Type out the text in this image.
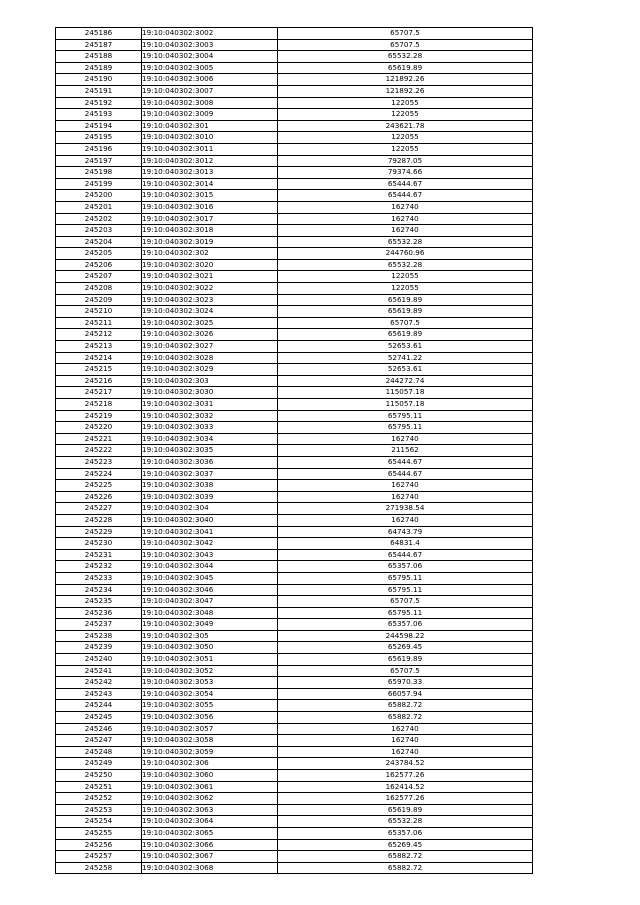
245186	19:10:040302:3002	65707.5
245187	19:10:040302:3003	65707.5
245188	19:10:040302:3004	65532.28
245189	19:10:040302:3005	65619.89
245190	19:10:040302:3006	121892.26
245191	19:10:040302:3007	121892.26
245192	19:10:040302:3008	122055
245193	19:10:040302:3009	122055
245194	19:10:040302:301	243621.78
245195	19:10:040302:3010	122055
245196	19:10:040302:3011	122055
245197	19:10:040302:3012	79287.05
245198	19:10:040302:3013	79374.66
245199	19:10:040302:3014	65444.67
245200	19:10:040302:3015	65444.67
245201	19:10:040302:3016	162740
245202	19:10:040302:3017	162740
245203	19:10:040302:3018	162740
245204	19:10:040302:3019	65532.28
245205	19:10:040302:302	244760.96
245206	19:10:040302:3020	65532.28
245207	19:10:040302:3021	122055
245208	19:10:040302:3022	122055
245209	19:10:040302:3023	65619.89
245210	19:10:040302:3024	65619.89
245211	19:10:040302:3025	65707.5
245212	19:10:040302:3026	65619.89
245213	19:10:040302:3027	52653.61
245214	19:10:040302:3028	52741.22
245215	19:10:040302:3029	52653.61
245216	19:10:040302:303	244272.74
245217	19:10:040302:3030	115057.18
245218	19:10:040302:3031	115057.18
245219	19:10:040302:3032	65795.11
245220	19:10:040302:3033	65795.11
245221	19:10:040302:3034	162740
245222	19:10:040302:3035	211562
245223	19:10:040302:3036	65444.67
245224	19:10:040302:3037	65444.67
245225	19:10:040302:3038	162740
245226	19:10:040302:3039	162740
245227	19:10:040302:304	271938.54
245228	19:10:040302:3040	162740
245229	19:10:040302:3041	64743.79
245230	19:10:040302:3042	64831.4
245231	19:10:040302:3043	65444.67
245232	19:10:040302:3044	65357.06
245233	19:10:040302:3045	65795.11
245234	19:10:040302:3046	65795.11
245235	19:10:040302:3047	65707.5
245236	19:10:040302:3048	65795.11
245237	19:10:040302:3049	65357.06
245238	19:10:040302:305	244598.22
245239	19:10:040302:3050	65269.45
245240	19:10:040302:3051	65619.89
245241	19:10:040302:3052	65707.5
245242	19:10:040302:3053	65970.33
245243	19:10:040302:3054	66057.94
245244	19:10:040302:3055	65882.72
245245	19:10:040302:3056	65882.72
245246	19:10:040302:3057	162740
245247	19:10:040302:3058	162740
245248	19:10:040302:3059	162740
245249	19:10:040302:306	243784.52
245250	19:10:040302:3060	162577.26
245251	19:10:040302:3061	162414.52
245252	19:10:040302:3062	162577.26
245253	19:10:040302:3063	65619.89
245254	19:10:040302:3064	65532.28
245255	19:10:040302:3065	65357.06
245256	19:10:040302:3066	65269.45
245257	19:10:040302:3067	65882.72
245258	19:10:040302:3068	65882.72
